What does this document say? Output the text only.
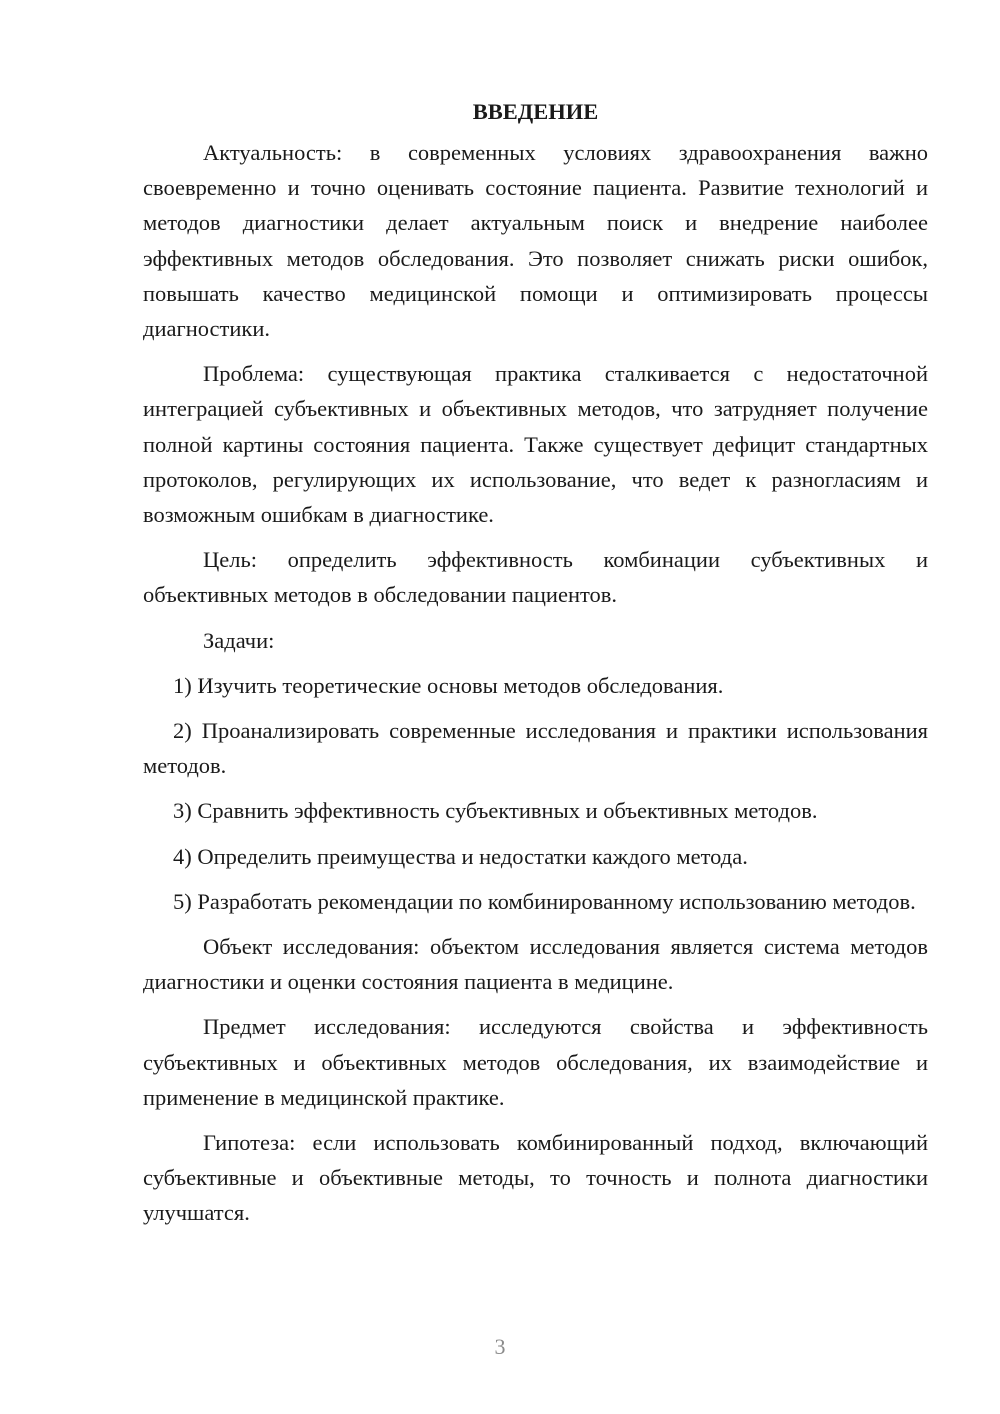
ВВЕДЕНИЕ

Актуальность: в современных условиях здравоохранения важно своевременно и точно оценивать состояние пациента. Развитие технологий и методов диагностики делает актуальным поиск и внедрение наиболее эффективных методов обследования. Это позволяет снижать риски ошибок, повышать качество медицинской помощи и оптимизировать процессы диагностики.

Проблема: существующая практика сталкивается с недостаточной интеграцией субъективных и объективных методов, что затрудняет получение полной картины состояния пациента. Также существует дефицит стандартных протоколов, регулирующих их использование, что ведет к разногласиям и возможным ошибкам в диагностике.

Цель: определить эффективность комбинации субъективных и объективных методов в обследовании пациентов.

Задачи:

1) Изучить теоретические основы методов обследования.

2) Проанализировать современные исследования и практики использования методов.

3) Сравнить эффективность субъективных и объективных методов.

4) Определить преимущества и недостатки каждого метода.

5) Разработать рекомендации по комбинированному использованию методов.

Объект исследования: объектом исследования является система методов диагностики и оценки состояния пациента в медицине.

Предмет исследования: исследуются свойства и эффективность субъективных и объективных методов обследования, их взаимодействие и применение в медицинской практике.

Гипотеза: если использовать комбинированный подход, включающий субъективные и объективные методы, то точность и полнота диагностики улучшатся.

3
